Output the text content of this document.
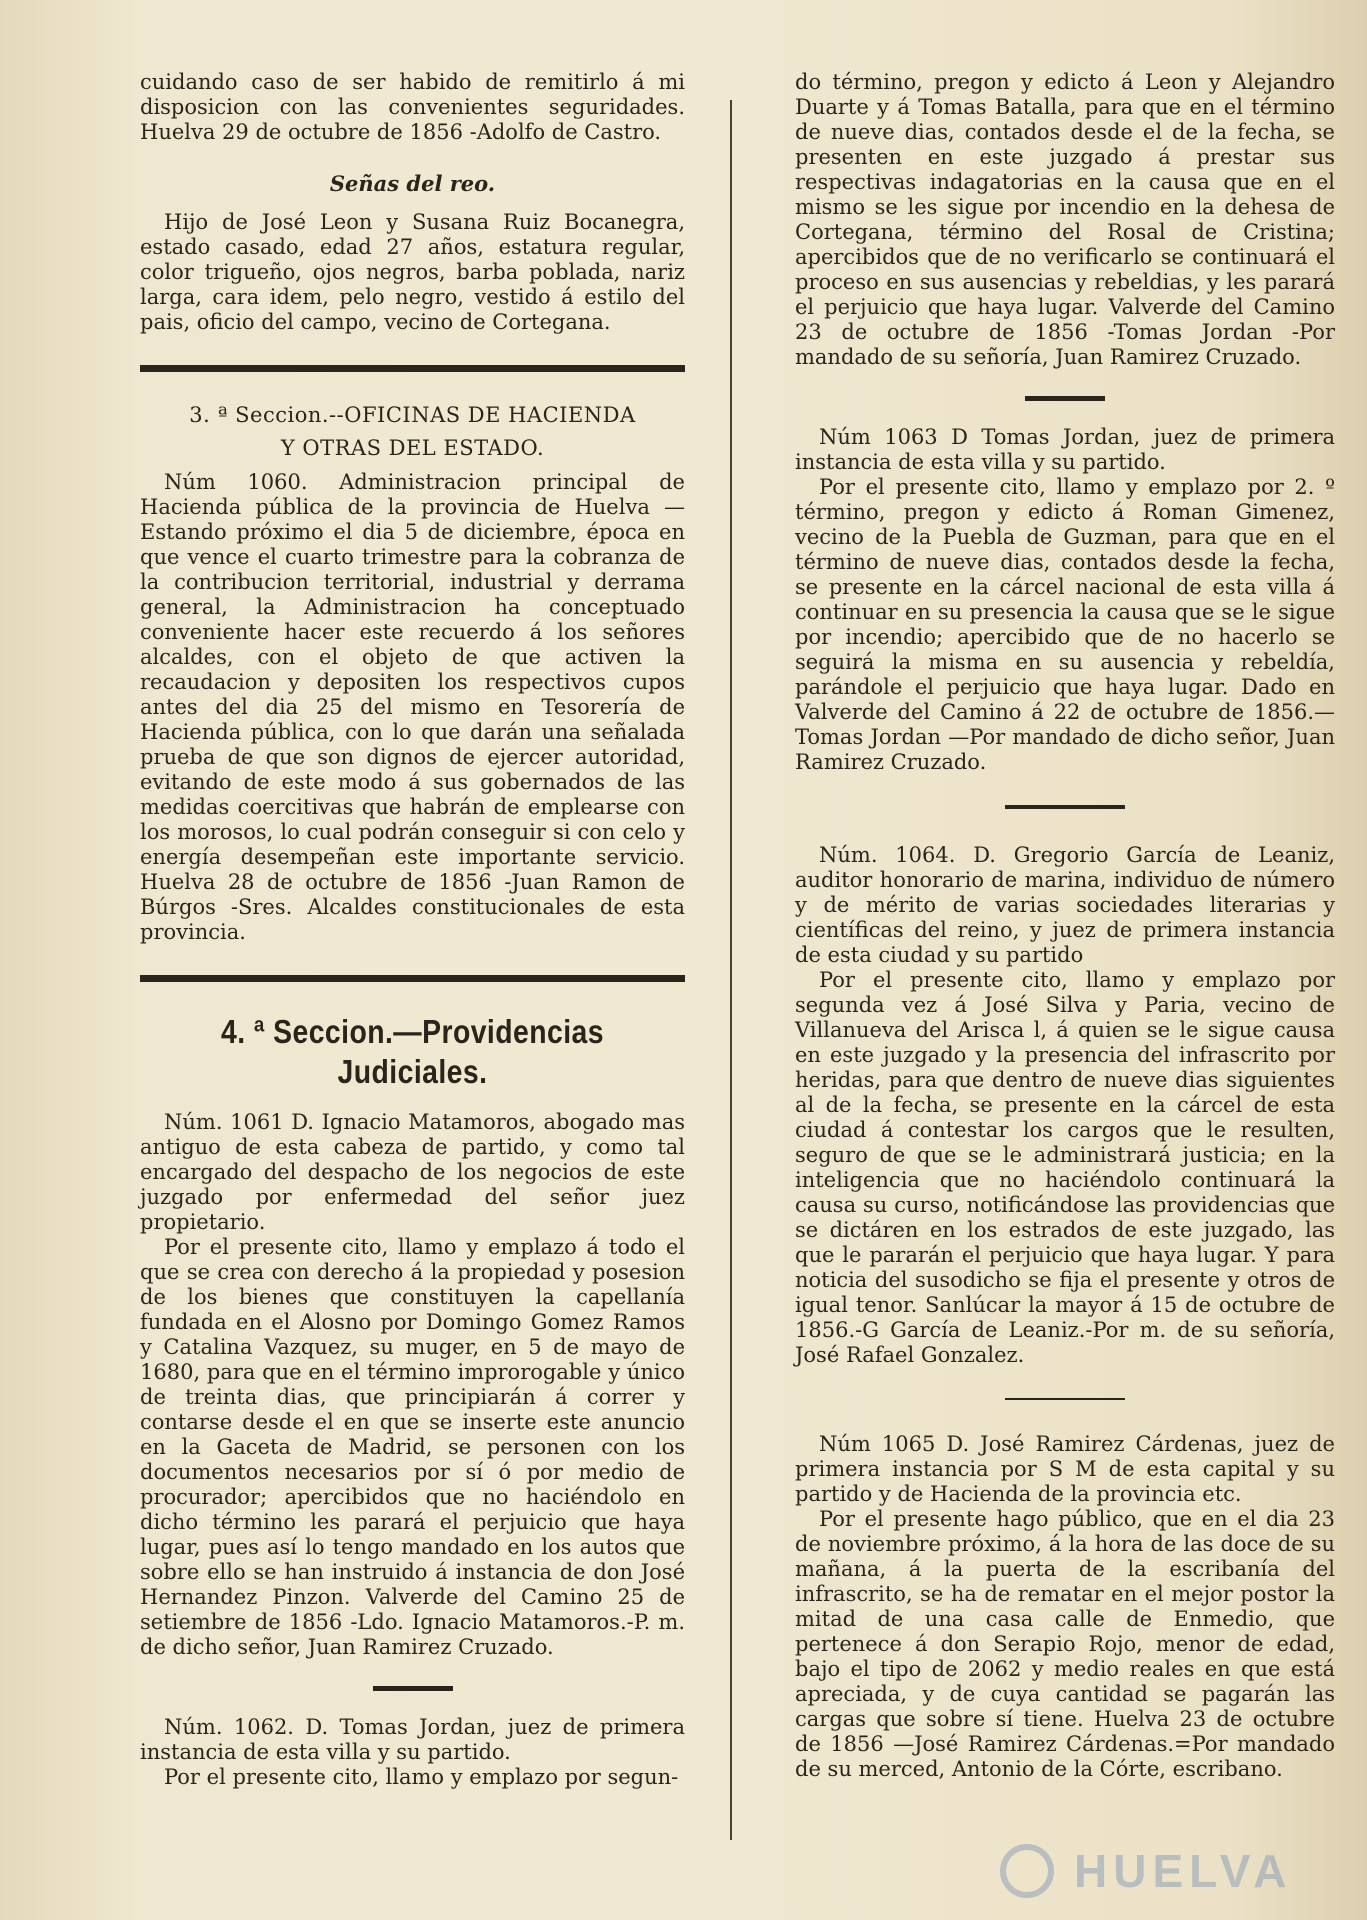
cuidando caso de ser habido de remitirlo á mi disposicion con las convenientes seguridades. Huelva 29 de octubre de 1856 -Adolfo de Castro.

Señas del reo.

Hijo de José Leon y Susana Ruiz Bocanegra, estado casado, edad 27 años, estatura regular, color trigueño, ojos negros, barba poblada, nariz larga, cara idem, pelo negro, vestido á estilo del pais, oficio del campo, vecino de Cortegana.

3. ª Seccion.--OFICINAS DE HACIENDA

Y OTRAS DEL ESTADO.

Núm 1060. Administracion principal de Hacienda pública de la provincia de Huelva —Estando próximo el dia 5 de diciembre, época en que vence el cuarto trimestre para la cobranza de la contribucion territorial, industrial y derrama general, la Administracion ha conceptuado conveniente hacer este recuerdo á los señores alcaldes, con el objeto de que activen la recaudacion y depositen los respectivos cupos antes del dia 25 del mismo en Tesorería de Hacienda pública, con lo que darán una señalada prueba de que son dignos de ejercer autoridad, evitando de este modo á sus gobernados de las medidas coercitivas que habrán de emplearse con los morosos, lo cual podrán conseguir si con celo y energía desempeñan este importante servicio. Huelva 28 de octubre de 1856 -Juan Ramon de Búrgos -Sres. Alcaldes constitucionales de esta provincia.

4. ª Seccion.—Providencias Judiciales.

Núm. 1061 D. Ignacio Matamoros, abogado mas antiguo de esta cabeza de partido, y como tal encargado del despacho de los negocios de este juzgado por enfermedad del señor juez propietario.

Por el presente cito, llamo y emplazo á todo el que se crea con derecho á la propiedad y posesion de los bienes que constituyen la capellanía fundada en el Alosno por Domingo Gomez Ramos y Catalina Vazquez, su muger, en 5 de mayo de 1680, para que en el término improrogable y único de treinta dias, que principiarán á correr y contarse desde el en que se inserte este anuncio en la Gaceta de Madrid, se personen con los documentos necesarios por sí ó por medio de procurador; apercibidos que no haciéndolo en dicho término les parará el perjuicio que haya lugar, pues así lo tengo mandado en los autos que sobre ello se han instruido á instancia de don José Hernandez Pinzon. Valverde del Camino 25 de setiembre de 1856 -Ldo. Ignacio Matamoros.-P. m. de dicho señor, Juan Ramirez Cruzado.

Núm. 1062. D. Tomas Jordan, juez de primera instancia de esta villa y su partido.

Por el presente cito, llamo y emplazo por segun-

do término, pregon y edicto á Leon y Alejandro Duarte y á Tomas Batalla, para que en el término de nueve dias, contados desde el de la fecha, se presenten en este juzgado á prestar sus respectivas indagatorias en la causa que en el mismo se les sigue por incendio en la dehesa de Cortegana, término del Rosal de Cristina; apercibidos que de no verificarlo se continuará el proceso en sus ausencias y rebeldias, y les parará el perjuicio que haya lugar. Valverde del Camino 23 de octubre de 1856 -Tomas Jordan -Por mandado de su señoría, Juan Ramirez Cruzado.

Núm 1063 D Tomas Jordan, juez de primera instancia de esta villa y su partido.

Por el presente cito, llamo y emplazo por 2. º término, pregon y edicto á Roman Gimenez, vecino de la Puebla de Guzman, para que en el término de nueve dias, contados desde la fecha, se presente en la cárcel nacional de esta villa á continuar en su presencia la causa que se le sigue por incendio; apercibido que de no hacerlo se seguirá la misma en su ausencia y rebeldía, parándole el perjuicio que haya lugar. Dado en Valverde del Camino á 22 de octubre de 1856.— Tomas Jordan —Por mandado de dicho señor, Juan Ramirez Cruzado.

Núm. 1064. D. Gregorio García de Leaniz, auditor honorario de marina, individuo de número y de mérito de varias sociedades literarias y científicas del reino, y juez de primera instancia de esta ciudad y su partido

Por el presente cito, llamo y emplazo por segunda vez á José Silva y Paria, vecino de Villanueva del Arisca l, á quien se le sigue causa en este juzgado y la presencia del infrascrito por heridas, para que dentro de nueve dias siguientes al de la fecha, se presente en la cárcel de esta ciudad á contestar los cargos que le resulten, seguro de que se le administrará justicia; en la inteligencia que no haciéndolo continuará la causa su curso, notificándose las providencias que se dictáren en los estrados de este juzgado, las que le pararán el perjuicio que haya lugar. Y para noticia del susodicho se fija el presente y otros de igual tenor. Sanlúcar la mayor á 15 de octubre de 1856.-G García de Leaniz.-Por m. de su señoría, José Rafael Gonzalez.

Núm 1065 D. José Ramirez Cárdenas, juez de primera instancia por S M de esta capital y su partido y de Hacienda de la provincia etc.

Por el presente hago público, que en el dia 23 de noviembre próximo, á la hora de las doce de su mañana, á la puerta de la escribanía del infrascrito, se ha de rematar en el mejor postor la mitad de una casa calle de Enmedio, que pertenece á don Serapio Rojo, menor de edad, bajo el tipo de 2062 y medio reales en que está apreciada, y de cuya cantidad se pagarán las cargas que sobre sí tiene. Huelva 23 de octubre de 1856 —José Ramirez Cárdenas.=Por mandado de su merced, Antonio de la Córte, escribano.

HUELVA
